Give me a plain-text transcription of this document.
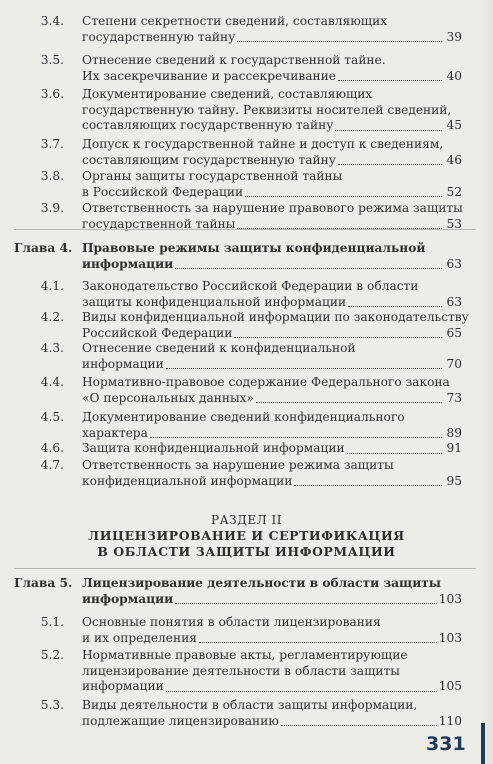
3.4. Степени секретности сведений, составляющих
государственную тайну	39
3.5. Отнесение сведений к государственной тайне.
Их засекречивание и рассекречивание	40
3.6. Документирование сведений, составляющих
государственную тайну. Реквизиты носителей сведений,
составляющих государственную тайну	45
3.7. Допуск к государственной тайне и доступ к сведениям,
составляющим государственную тайну	46
3.8. Органы защиты государственной тайны
в Российской Федерации	52
3.9. Ответственность за нарушение правового режима защиты
государственной тайны	53
Глава 4. Правовые режимы защиты конфиденциальной
информации	63
4.1. Законодательство Российской Федерации в области
защиты конфиденциальной информации	63
4.2. Виды конфиденциальной информации по законодательству
Российской Федерации	65
4.3. Отнесение сведений к конфиденциальной
информации	70
4.4. Нормативно-правовое содержание Федерального закона
«О персональных данных»	73
4.5. Документирование сведений конфиденциального
характера	89
4.6. Защита конфиденциальной информации	91
4.7. Ответственность за нарушение режима защиты
конфиденциальной информации	95
РАЗДЕЛ II
ЛИЦЕНЗИРОВАНИЕ И СЕРТИФИКАЦИЯ
В ОБЛАСТИ ЗАЩИТЫ ИНФОРМАЦИИ
Глава 5. Лицензирование деятельности в области защиты
информации	103
5.1. Основные понятия в области лицензирования
и их определения	103
5.2. Нормативные правовые акты, регламентирующие
лицензирование деятельности в области защиты
информации	105
5.3. Виды деятельности в области защиты информации,
подлежащие лицензированию	110
331
